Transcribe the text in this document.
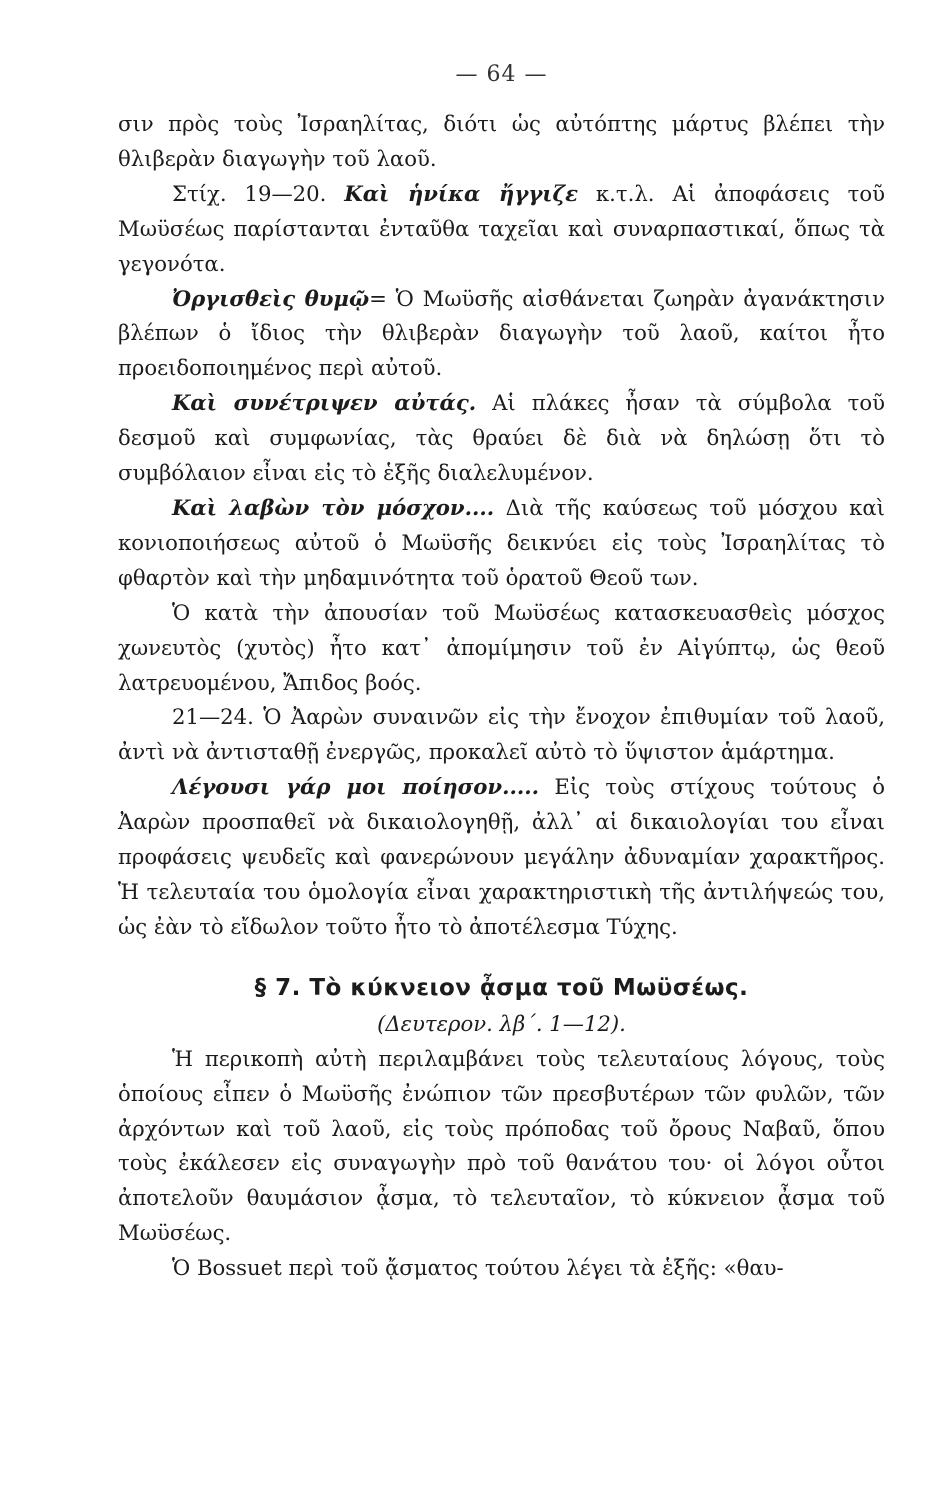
— 64 —

σιν πρὸς τοὺς Ἰσραηλίτας, διότι ὡς αὐτόπτης μάρτυς βλέπει τὴν θλιβερὰν διαγωγὴν τοῦ λαοῦ.

Στίχ. 19—20. Καὶ ἡνίκα ἤγγιζε κ.τ.λ. Αἱ ἀποφάσεις τοῦ Μωϋσέως παρίστανται ἐνταῦθα ταχεῖαι καὶ συναρπαστικαί, ὅπως τὰ γεγονότα.

Ὀργισθεὶς θυμῷ= Ὁ Μωϋσῆς αἰσθάνεται ζωηρὰν ἀγανάκτησιν βλέπων ὁ ἴδιος τὴν θλιβερὰν διαγωγὴν τοῦ λαοῦ, καίτοι ἦτο προειδοποιημένος περὶ αὐτοῦ.

Καὶ συνέτριψεν αὐτάς. Αἱ πλάκες ἦσαν τὰ σύμβολα τοῦ δεσμοῦ καὶ συμφωνίας, τὰς θραύει δὲ διὰ νὰ δηλώσῃ ὅτι τὸ συμβόλαιον εἶναι εἰς τὸ ἑξῆς διαλελυμένον.

Καὶ λαβὼν τὸν μόσχον.... Διὰ τῆς καύσεως τοῦ μόσχου καὶ κονιοποιήσεως αὐτοῦ ὁ Μωϋσῆς δεικνύει εἰς τοὺς Ἰσραηλίτας τὸ φθαρτὸν καὶ τὴν μηδαμινότητα τοῦ ὁρατοῦ Θεοῦ των.

Ὁ κατὰ τὴν ἀπουσίαν τοῦ Μωϋσέως κατασκευασθεὶς μόσχος χωνευτὸς (χυτὸς) ἦτο κατ᾿ ἀπομίμησιν τοῦ ἐν Αἰγύπτῳ, ὡς θεοῦ λατρευομένου, Ἄπιδος βοός.

21—24. Ὁ Ἀαρὼν συναινῶν εἰς τὴν ἔνοχον ἐπιθυμίαν τοῦ λαοῦ, ἀντὶ νὰ ἀντισταθῇ ἐνεργῶς, προκαλεῖ αὐτὸ τὸ ὕψιστον ἁμάρτημα.

Λέγουσι γάρ μοι ποίησον..... Εἰς τοὺς στίχους τούτους ὁ Ἀαρὼν προσπαθεῖ νὰ δικαιολογηθῇ, ἀλλ᾿ αἱ δικαιολογίαι του εἶναι προφάσεις ψευδεῖς καὶ φανερώνουν μεγάλην ἀδυναμίαν χαρακτῆρος. Ἡ τελευταία του ὁμολογία εἶναι χαρακτηριστικὴ τῆς ἀντιλήψεώς του, ὡς ἐὰν τὸ εἴδωλον τοῦτο ἦτο τὸ ἀποτέλεσμα Τύχης.

§ 7. Τὸ κύκνειον ᾆσμα τοῦ Μωϋσέως.
(Δευτερον. λβ΄. 1—12).

Ἡ περικοπὴ αὐτὴ περιλαμβάνει τοὺς τελευταίους λόγους, τοὺς ὁποίους εἶπεν ὁ Μωϋσῆς ἐνώπιον τῶν πρεσβυτέρων τῶν φυλῶν, τῶν ἀρχόντων καὶ τοῦ λαοῦ, εἰς τοὺς πρόποδας τοῦ ὄρους Ναβαῦ, ὅπου τοὺς ἐκάλεσεν εἰς συναγωγὴν πρὸ τοῦ θανάτου του· οἱ λόγοι οὗτοι ἀποτελοῦν θαυμάσιον ᾆσμα, τὸ τελευταῖον, τὸ κύκνειον ᾆσμα τοῦ Μωϋσέως.

Ὁ Bossuet περὶ τοῦ ᾄσματος τούτου λέγει τὰ ἑξῆς: «θαυ-
